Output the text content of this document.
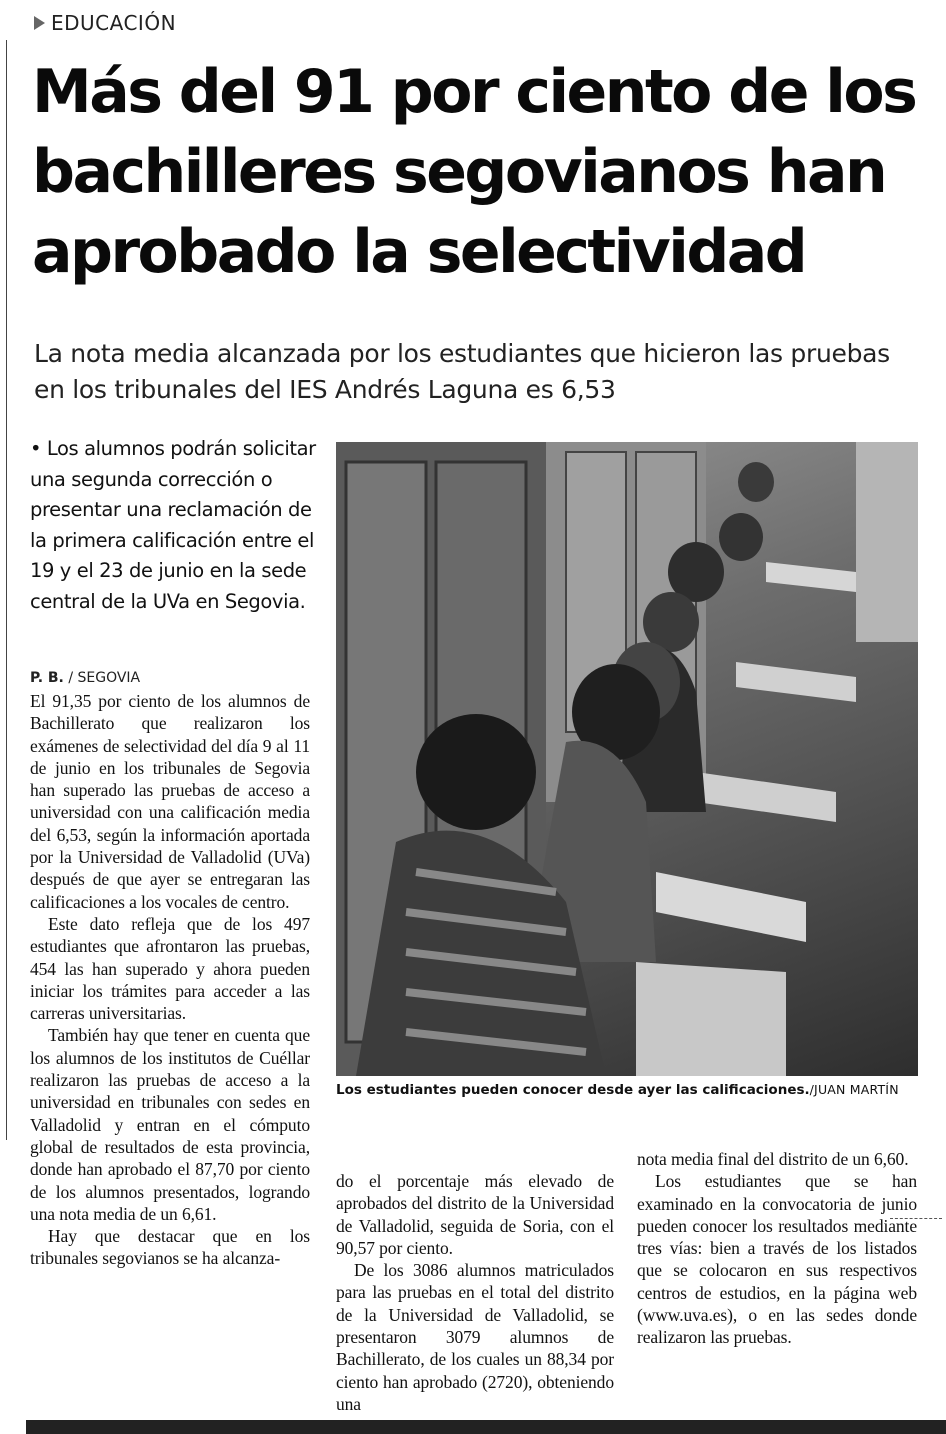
EDUCACIÓN
Más del 91 por ciento de los bachilleres segovianos han aprobado la selectividad

La nota media alcanzada por los estudiantes que hicieron las pruebas en los tribunales del IES Andrés Laguna es 6,53

• Los alumnos podrán solicitar una segunda corrección o presentar una reclamación de la primera calificación entre el 19 y el 23 de junio en la sede central de la UVa en Segovia.

P. B. / SEGOVIA

El 91,35 por ciento de los alumnos de Bachillerato que realizaron los exámenes de selectividad del día 9 al 11 de junio en los tribunales de Segovia han superado las pruebas de acceso a universidad con una calificación media del 6,53, según la información aportada por la Universidad de Valladolid (UVa) después de que ayer se entregaran las calificaciones a los vocales de centro.

Este dato refleja que de los 497 estudiantes que afrontaron las pruebas, 454 las han superado y ahora pueden iniciar los trámites para acceder a las carreras universitarias.

También hay que tener en cuenta que los alumnos de los institutos de Cuéllar realizaron las pruebas de acceso a la universidad en tribunales con sedes en Valladolid y entran en el cómputo global de resultados de esta provincia, donde han aprobado el 87,70 por ciento de los alumnos presentados, logrando una nota media de un 6,61.

Hay que destacar que en los tribunales segovianos se ha alcanza-

Los estudiantes pueden conocer desde ayer las calificaciones./JUAN MARTÍN

do el porcentaje más elevado de aprobados del distrito de la Universidad de Valladolid, seguida de Soria, con el 90,57 por ciento.

De los 3086 alumnos matriculados para las pruebas en el total del distrito de la Universidad de Valladolid, se presentaron 3079 alumnos de Bachillerato, de los cuales un 88,34 por ciento han aprobado (2720), obteniendo una

nota media final del distrito de un 6,60.

Los estudiantes que se han examinado en la convocatoria de junio pueden conocer los resultados mediante tres vías: bien a través de los listados que se colocaron en sus respectivos centros de estudios, en la página web (www.uva.es), o en las sedes donde realizaron las pruebas.
